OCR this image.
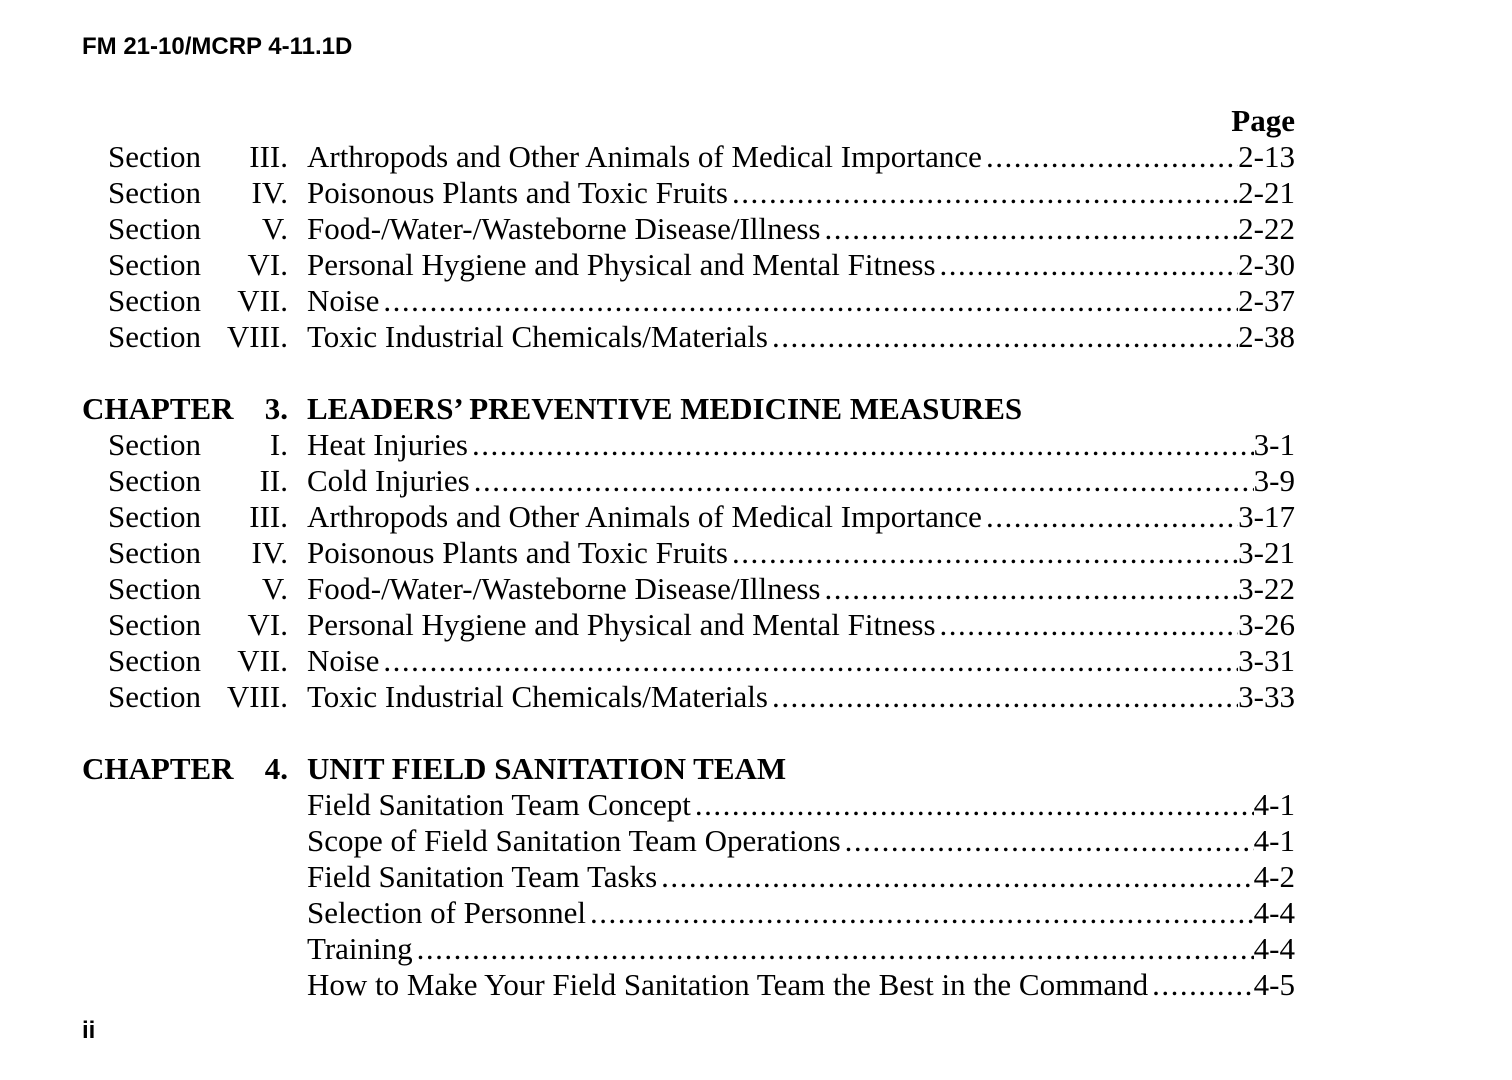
FM 21-10/MCRP 4-11.1D
Page
Section	III. Arthropods and Other Animals of Medical Importance .....	2-13
Section	IV. Poisonous Plants and Toxic Fruits .....	2-21
Section	V. Food-/Water-/Wasteborne Disease/Illness .....	2-22
Section	VI. Personal Hygiene and Physical and Mental Fitness .....	2-30
Section	VII. Noise .....	2-37
Section VIII. Toxic Industrial Chemicals/Materials .....	2-38
CHAPTER 3. LEADERS’ PREVENTIVE MEDICINE MEASURES
Section	I. Heat Injuries .....	3-1
Section	II. Cold Injuries .....	3-9
Section	III. Arthropods and Other Animals of Medical Importance .....	3-17
Section	IV. Poisonous Plants and Toxic Fruits .....	3-21
Section	V. Food-/Water-/Wasteborne Disease/Illness .....	3-22
Section	VI. Personal Hygiene and Physical and Mental Fitness .....	3-26
Section	VII. Noise .....	3-31
Section VIII. Toxic Industrial Chemicals/Materials .....	3-33
CHAPTER 4. UNIT FIELD SANITATION TEAM
Field Sanitation Team Concept .....	4-1
Scope of Field Sanitation Team Operations .....	4-1
Field Sanitation Team Tasks .....	4-2
Selection of Personnel .....	4-4
Training .....	4-4
How to Make Your Field Sanitation Team the Best in the Command .....	4-5
ii
